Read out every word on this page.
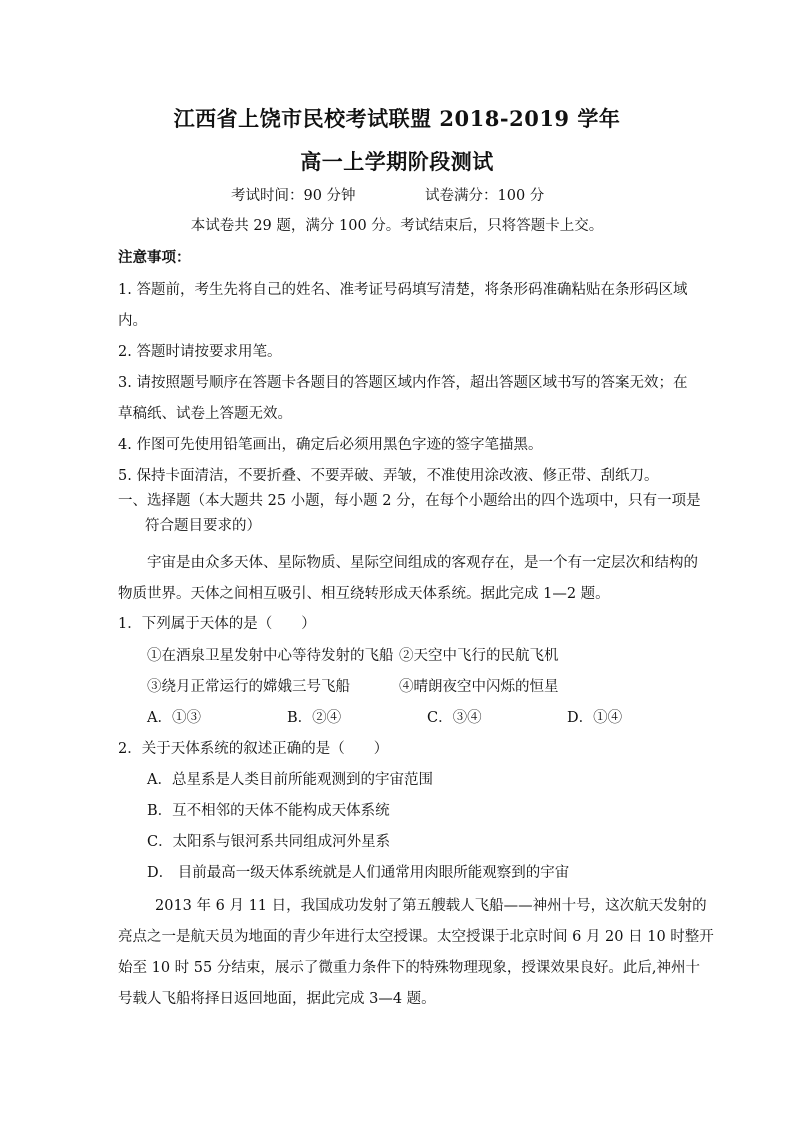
江西省上饶市民校考试联盟 2018-2019 学年
高一上学期阶段测试
考试时间：90 分钟	试卷满分：100 分
本试卷共 29 题，满分 100 分。考试结束后，只将答题卡上交。
注意事项：
1. 答题前，考生先将自己的姓名、准考证号码填写清楚，将条形码准确粘贴在条形码区域
内。
2. 答题时请按要求用笔。
3. 请按照题号顺序在答题卡各题目的答题区域内作答，超出答题区域书写的答案无效；在
草稿纸、试卷上答题无效。
4. 作图可先使用铅笔画出，确定后必须用黑色字迹的签字笔描黑。
5. 保持卡面清洁，不要折叠、不要弄破、弄皱，不准使用涂改液、修正带、刮纸刀。
一、选择题（本大题共 25 小题，每小题 2 分，在每个小题给出的四个选项中，只有一项是
符合题目要求的）
宇宙是由众多天体、星际物质、星际空间组成的客观存在，是一个有一定层次和结构的
物质世界。天体之间相互吸引、相互绕转形成天体系统。据此完成 1—2 题。
1．下列属于天体的是（　　）
①在酒泉卫星发射中心等待发射的飞船 ②天空中飞行的民航飞机
③绕月正常运行的嫦娥三号飞船	④晴朗夜空中闪烁的恒星
A．①③	B．②④	C．③④	D．①④
2．关于天体系统的叙述正确的是（　　）
A．总星系是人类目前所能观测到的宇宙范围
B．互不相邻的天体不能构成天体系统
C．太阳系与银河系共同组成河外星系
D． 目前最高一级天体系统就是人们通常用肉眼所能观察到的宇宙
2013 年 6 月 11 日，我国成功发射了第五艘载人飞船——神州十号，这次航天发射的
亮点之一是航天员为地面的青少年进行太空授课。太空授课于北京时间 6 月 20 日 10 时整开
始至 10 时 55 分结束，展示了微重力条件下的特殊物理现象，授课效果良好。此后,神州十
号载人飞船将择日返回地面，据此完成 3—4 题。
